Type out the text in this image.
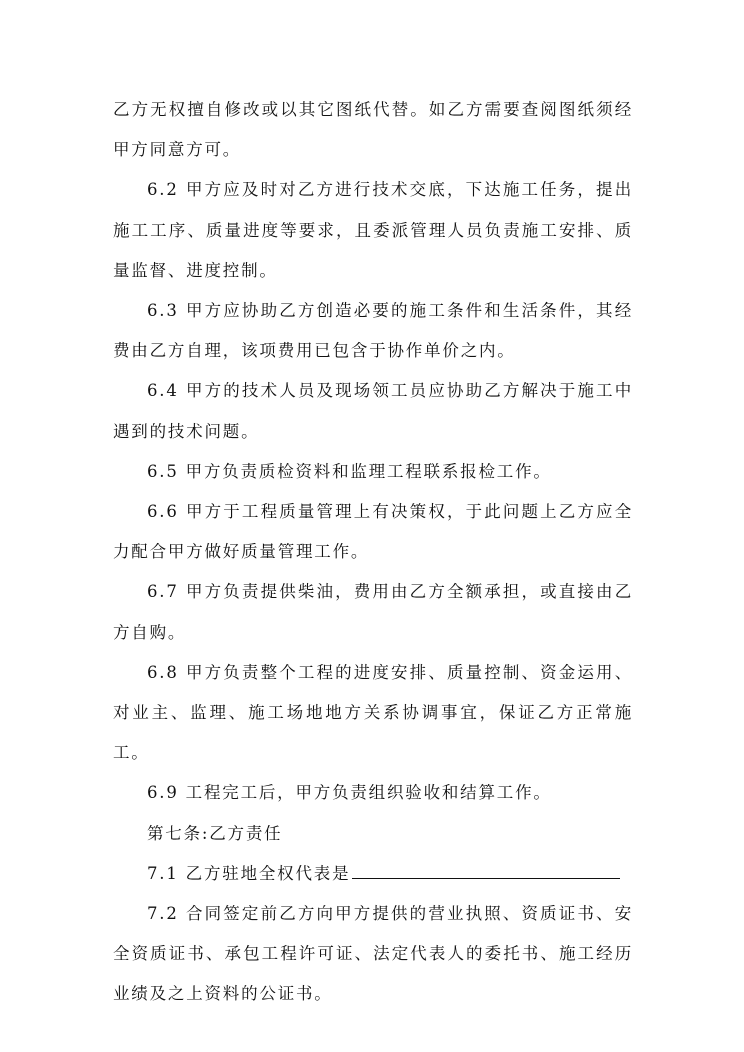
乙方无权擅自修改或以其它图纸代替。如乙方需要查阅图纸须经甲方同意方可。

6.2 甲方应及时对乙方进行技术交底，下达施工任务，提出施工工序、质量进度等要求，且委派管理人员负责施工安排、质量监督、进度控制。

6.3 甲方应协助乙方创造必要的施工条件和生活条件，其经费由乙方自理，该项费用已包含于协作单价之内。

6.4 甲方的技术人员及现场领工员应协助乙方解决于施工中遇到的技术问题。

6.5 甲方负责质检资料和监理工程联系报检工作。

6.6 甲方于工程质量管理上有决策权，于此问题上乙方应全力配合甲方做好质量管理工作。

6.7 甲方负责提供柴油，费用由乙方全额承担，或直接由乙方自购。

6.8 甲方负责整个工程的进度安排、质量控制、资金运用、对业主、监理、施工场地地方关系协调事宜，保证乙方正常施工。

6.9 工程完工后，甲方负责组织验收和结算工作。

第七条:乙方责任

7.1 乙方驻地全权代表是

7.2 合同签定前乙方向甲方提供的营业执照、资质证书、安全资质证书、承包工程许可证、法定代表人的委托书、施工经历业绩及之上资料的公证书。
